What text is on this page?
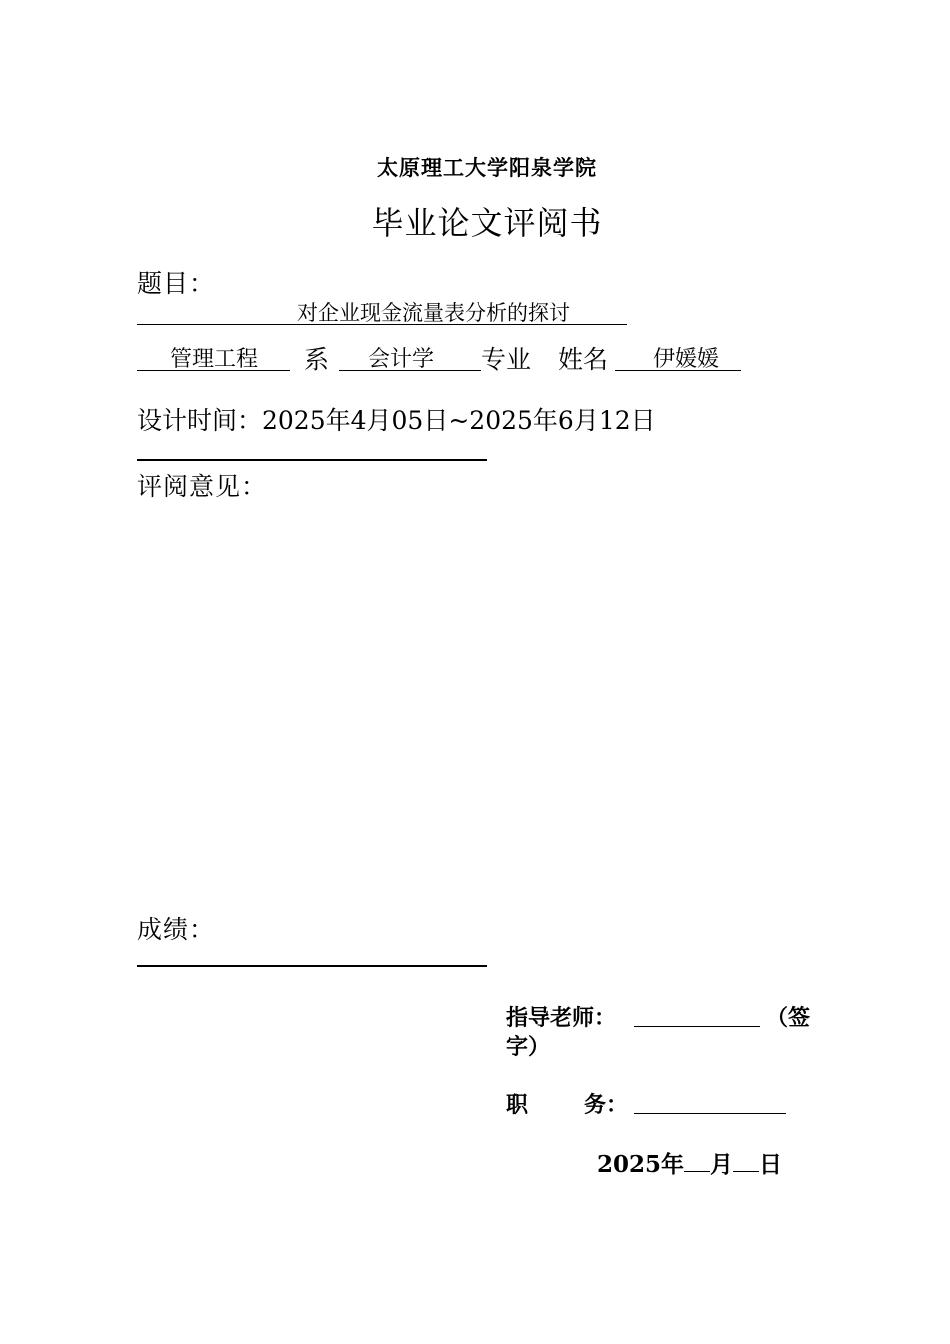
太原理工大学阳泉学院
毕业论文评阅书
题目：
对企业现金流量表分析的探讨
管理工程 系 会计学 专业 姓名 伊媛媛
设计时间：2025年4月05日~2025年6月12日
评阅意见：
成绩：
指导老师：	（签
字）
职	务：
2025年 月 日
